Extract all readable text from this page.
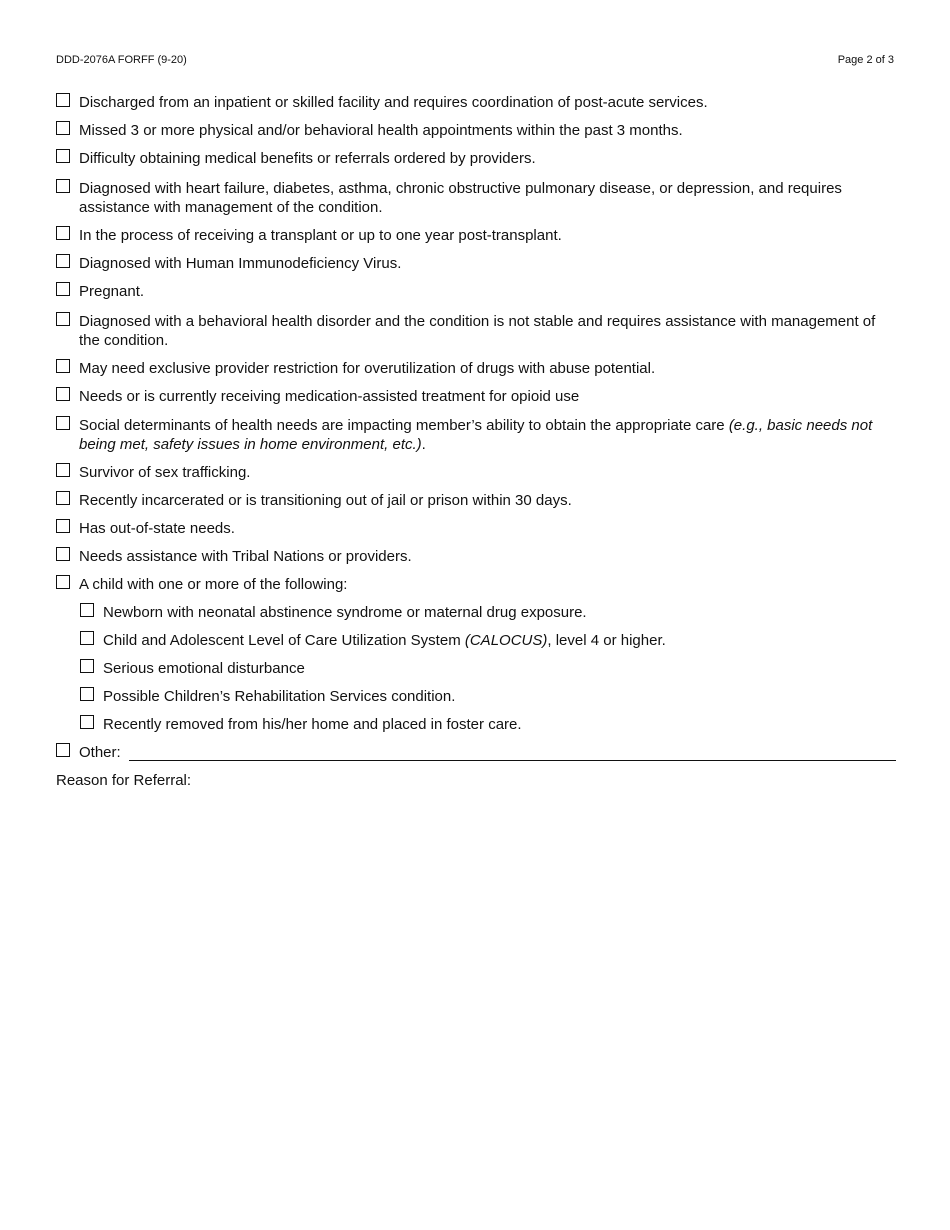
DDD-2076A FORFF (9-20)	Page 2 of 3
Discharged from an inpatient or skilled facility and requires coordination of post-acute services.
Missed 3 or more physical and/or behavioral health appointments within the past 3 months.
Difficulty obtaining medical benefits or referrals ordered by providers.
Diagnosed with heart failure, diabetes, asthma, chronic obstructive pulmonary disease, or depression, and requires assistance with management of the condition.
In the process of receiving a transplant or up to one year post-transplant.
Diagnosed with Human Immunodeficiency Virus.
Pregnant.
Diagnosed with a behavioral health disorder and the condition is not stable and requires assistance with management of the condition.
May need exclusive provider restriction for overutilization of drugs with abuse potential.
Needs or is currently receiving medication-assisted treatment for opioid use
Social determinants of health needs are impacting member’s ability to obtain the appropriate care (e.g., basic needs not being met, safety issues in home environment, etc.).
Survivor of sex trafficking.
Recently incarcerated or is transitioning out of jail or prison within 30 days.
Has out-of-state needs.
Needs assistance with Tribal Nations or providers.
A child with one or more of the following:
Newborn with neonatal abstinence syndrome or maternal drug exposure.
Child and Adolescent Level of Care Utilization System (CALOCUS), level 4 or higher.
Serious emotional disturbance
Possible Children’s Rehabilitation Services condition.
Recently removed from his/her home and placed in foster care.
Other:
Reason for Referral:
